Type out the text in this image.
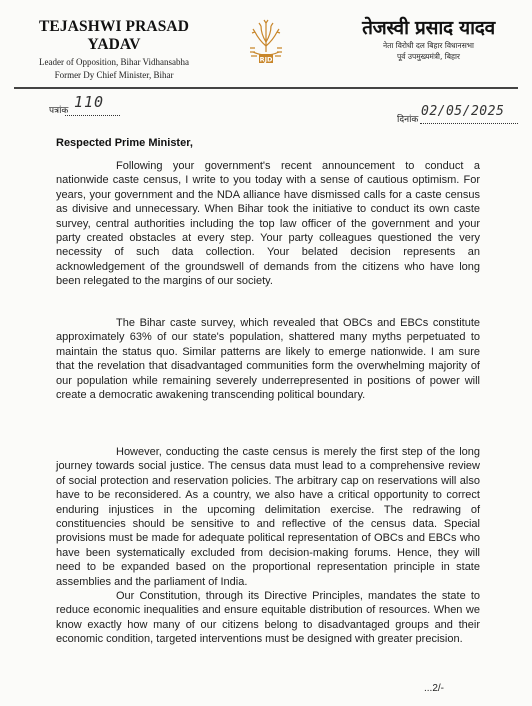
TEJASHWI PRASAD YADAV
Leader of Opposition, Bihar Vidhansabha
Former Dy Chief Minister, Bihar
RJD
तेजस्वी प्रसाद यादव
नेता विरोधी दल बिहार विधानसभा
पूर्व उपमुख्यमंत्री, बिहार
पत्रांक 110
दिनांक
02/05/2025
Respected Prime Minister,

Following your government's recent announcement to conduct a nationwide caste census, I write to you today with a sense of cautious optimism. For years, your government and the NDA alliance have dismissed calls for a caste census as divisive and unnecessary. When Bihar took the initiative to conduct its own caste survey, central authorities including the top law officer of the government and your party created obstacles at every step. Your party colleagues questioned the very necessity of such data collection. Your belated decision represents an acknowledgement of the groundswell of demands from the citizens who have long been relegated to the margins of our society.

The Bihar caste survey, which revealed that OBCs and EBCs constitute approximately 63% of our state's population, shattered many myths perpetuated to maintain the status quo. Similar patterns are likely to emerge nationwide. I am sure that the revelation that disadvantaged communities form the overwhelming majority of our population while remaining severely underrepresented in positions of power will create a democratic awakening transcending political boundary.

However, conducting the caste census is merely the first step of the long journey towards social justice. The census data must lead to a comprehensive review of social protection and reservation policies. The arbitrary cap on reservations will also have to be reconsidered. As a country, we also have a critical opportunity to correct enduring injustices in the upcoming delimitation exercise. The redrawing of constituencies should be sensitive to and reflective of the census data. Special provisions must be made for adequate political representation of OBCs and EBCs who have been systematically excluded from decision-making forums. Hence, they will need to be expanded based on the proportional representation principle in state assemblies and the parliament of India.

Our Constitution, through its Directive Principles, mandates the state to reduce economic inequalities and ensure equitable distribution of resources. When we know exactly how many of our citizens belong to disadvantaged groups and their economic condition, targeted interventions must be designed with greater precision.

...2/-
